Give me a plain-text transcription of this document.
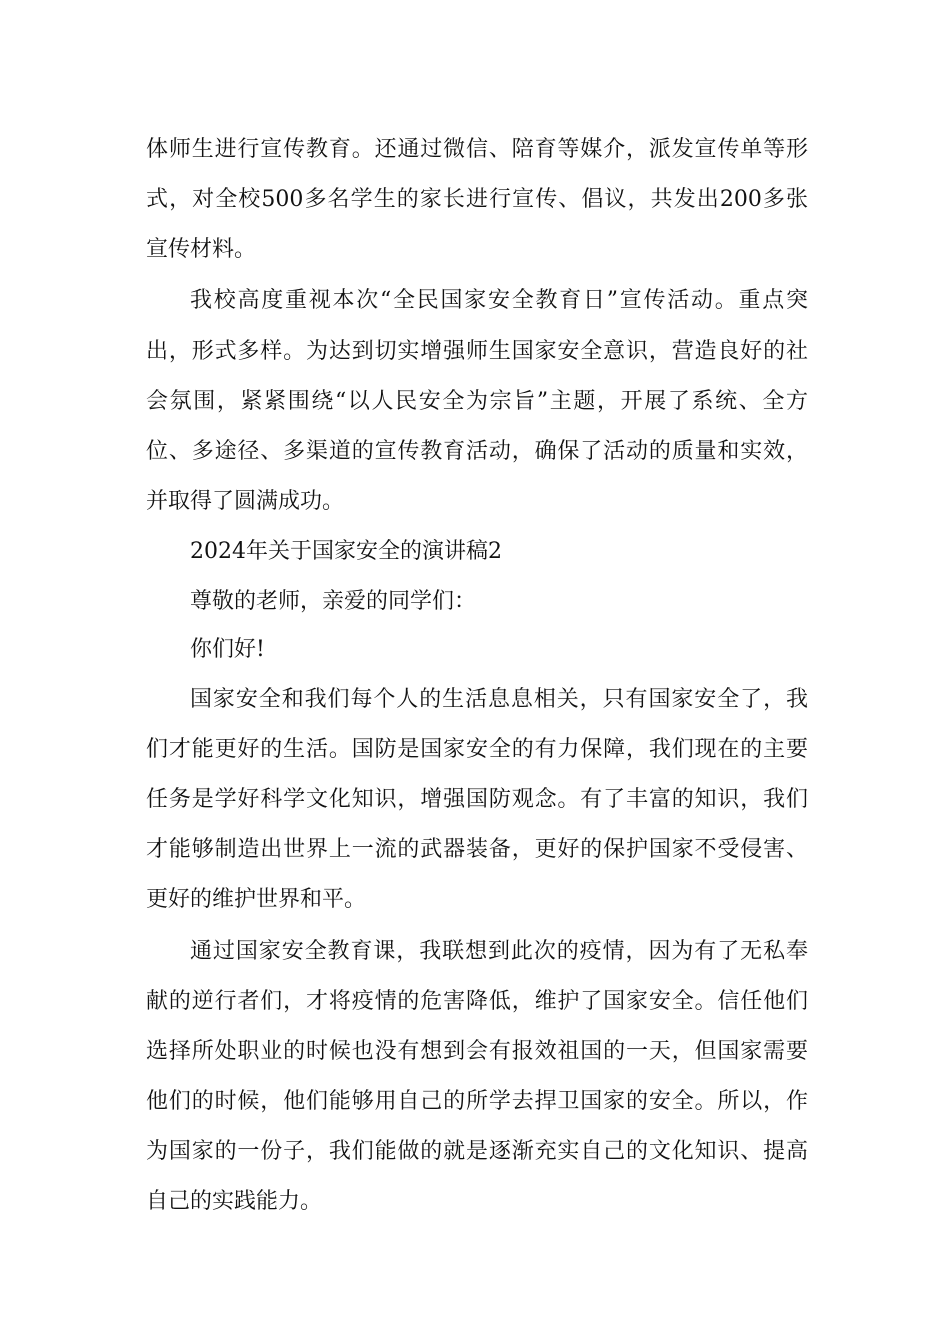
体师生进行宣传教育。还通过微信、陪育等媒介，派发宣传单等形
式，对全校500多名学生的家长进行宣传、倡议，共发出200多张
宣传材料。
我校高度重视本次“全民国家安全教育日”宣传活动。重点突
出，形式多样。为达到切实增强师生国家安全意识，营造良好的社
会氛围，紧紧围绕“以人民安全为宗旨”主题，开展了系统、全方
位、多途径、多渠道的宣传教育活动，确保了活动的质量和实效，
并取得了圆满成功。
2024年关于国家安全的演讲稿2
尊敬的老师，亲爱的同学们：
你们好!
国家安全和我们每个人的生活息息相关，只有国家安全了，我
们才能更好的生活。国防是国家安全的有力保障，我们现在的主要
任务是学好科学文化知识，增强国防观念。有了丰富的知识，我们
才能够制造出世界上一流的武器装备，更好的保护国家不受侵害、
更好的维护世界和平。
通过国家安全教育课，我联想到此次的疫情，因为有了无私奉
献的逆行者们，才将疫情的危害降低，维护了国家安全。信任他们
选择所处职业的时候也没有想到会有报效祖国的一天，但国家需要
他们的时候，他们能够用自己的所学去捍卫国家的安全。所以，作
为国家的一份子，我们能做的就是逐渐充实自己的文化知识、提高
自己的实践能力。
